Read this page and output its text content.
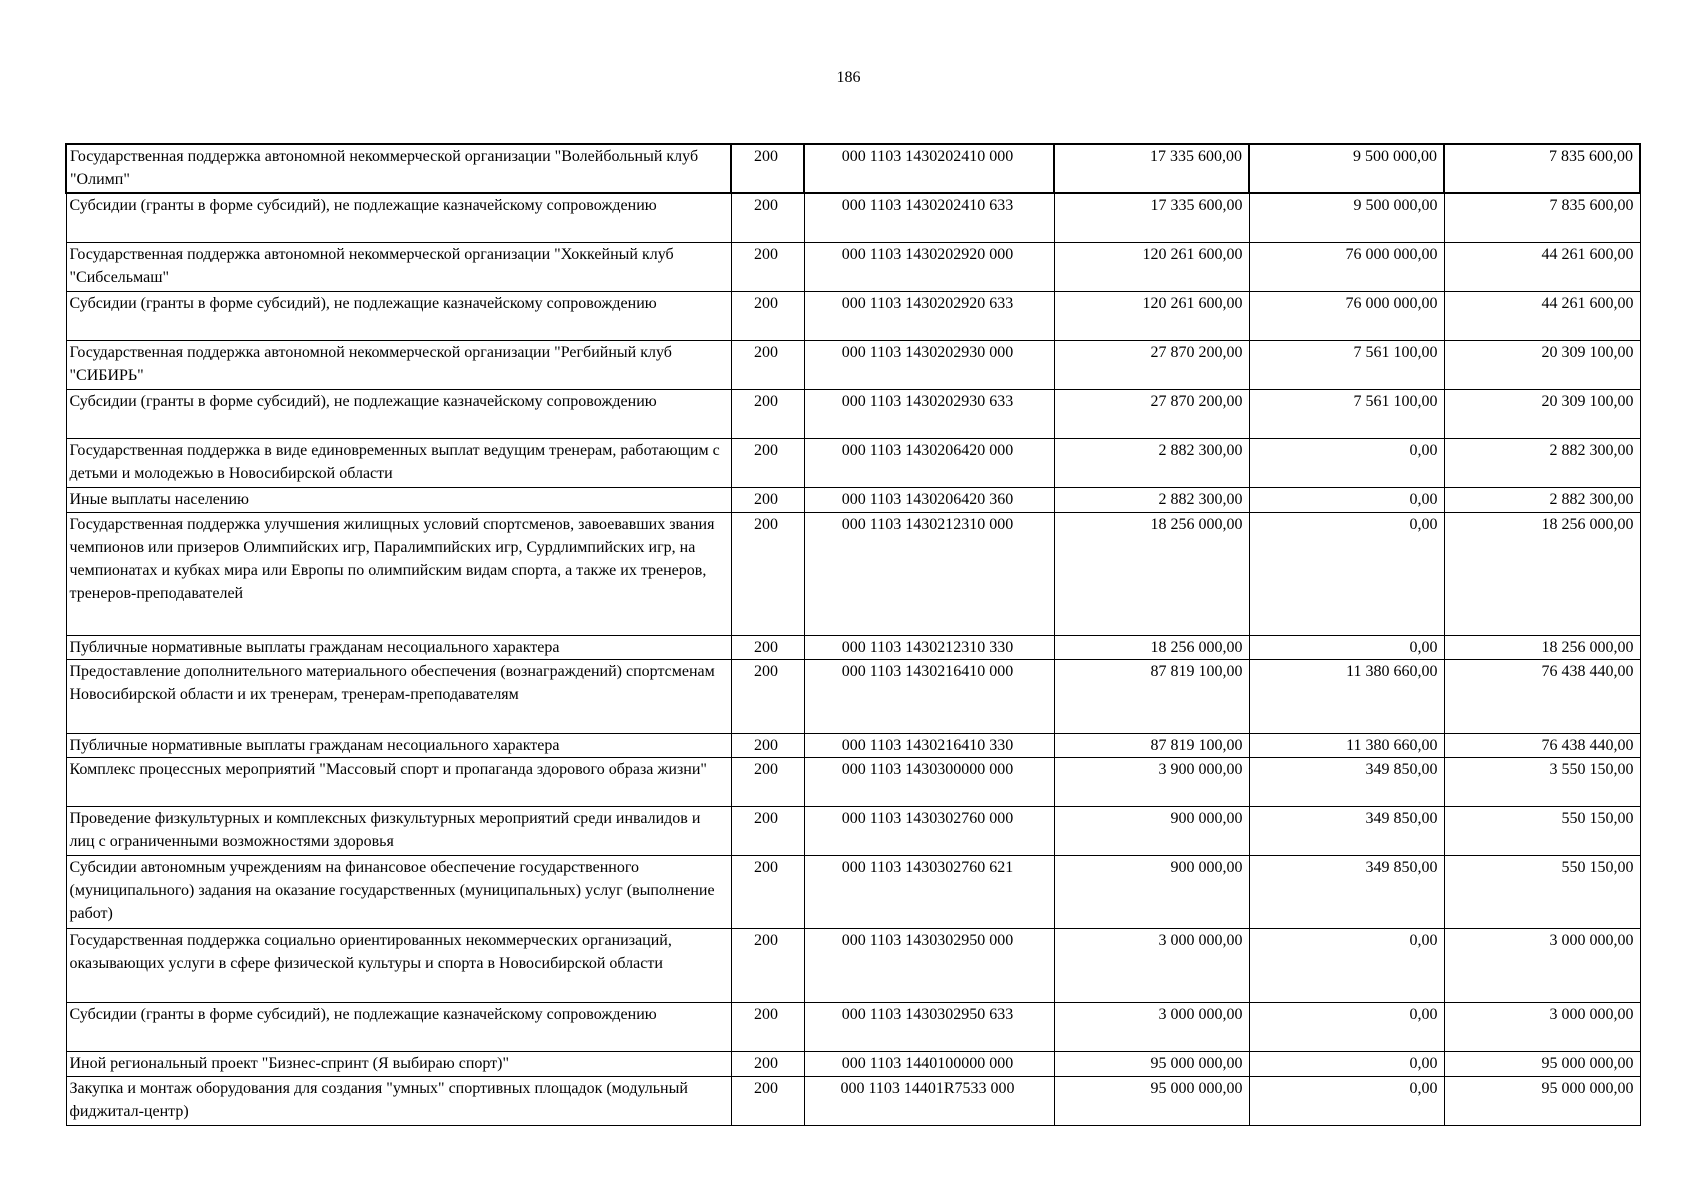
186
Государственная поддержка автономной некоммерческой организации "Волейбольный клуб "Олимп"	200	000 1103 1430202410 000	17 335 600,00	9 500 000,00	7 835 600,00
Субсидии (гранты в форме субсидий), не подлежащие казначейскому сопровождению	200	000 1103 1430202410 633	17 335 600,00	9 500 000,00	7 835 600,00
Государственная поддержка автономной некоммерческой организации "Хоккейный клуб "Сибсельмаш"	200	000 1103 1430202920 000	120 261 600,00	76 000 000,00	44 261 600,00
Субсидии (гранты в форме субсидий), не подлежащие казначейскому сопровождению	200	000 1103 1430202920 633	120 261 600,00	76 000 000,00	44 261 600,00
Государственная поддержка автономной некоммерческой организации "Регбийный клуб "СИБИРЬ"	200	000 1103 1430202930 000	27 870 200,00	7 561 100,00	20 309 100,00
Субсидии (гранты в форме субсидий), не подлежащие казначейскому сопровождению	200	000 1103 1430202930 633	27 870 200,00	7 561 100,00	20 309 100,00
Государственная поддержка в виде единовременных выплат ведущим тренерам, работающим с детьми и молодежью в Новосибирской области	200	000 1103 1430206420 000	2 882 300,00	0,00	2 882 300,00
Иные выплаты населению	200	000 1103 1430206420 360	2 882 300,00	0,00	2 882 300,00
Государственная поддержка улучшения жилищных условий спортсменов, завоевавших звания чемпионов или призеров Олимпийских игр, Паралимпийских игр, Сурдлимпийских игр, на чемпионатах и кубках мира или Европы по олимпийским видам спорта, а также их тренеров, тренеров-преподавателей	200	000 1103 1430212310 000	18 256 000,00	0,00	18 256 000,00
Публичные нормативные выплаты гражданам несоциального характера	200	000 1103 1430212310 330	18 256 000,00	0,00	18 256 000,00
Предоставление дополнительного материального обеспечения (вознаграждений) спортсменам Новосибирской области и их тренерам, тренерам-преподавателям	200	000 1103 1430216410 000	87 819 100,00	11 380 660,00	76 438 440,00
Публичные нормативные выплаты гражданам несоциального характера	200	000 1103 1430216410 330	87 819 100,00	11 380 660,00	76 438 440,00
Комплекс процессных мероприятий "Массовый спорт и пропаганда здорового образа жизни"	200	000 1103 1430300000 000	3 900 000,00	349 850,00	3 550 150,00
Проведение физкультурных и комплексных физкультурных мероприятий среди инвалидов и лиц с ограниченными возможностями здоровья	200	000 1103 1430302760 000	900 000,00	349 850,00	550 150,00
Субсидии автономным учреждениям на финансовое обеспечение государственного (муниципального) задания на оказание государственных (муниципальных) услуг (выполнение работ)	200	000 1103 1430302760 621	900 000,00	349 850,00	550 150,00
Государственная поддержка социально ориентированных некоммерческих организаций, оказывающих услуги в сфере физической культуры и спорта в Новосибирской области	200	000 1103 1430302950 000	3 000 000,00	0,00	3 000 000,00
Субсидии (гранты в форме субсидий), не подлежащие казначейскому сопровождению	200	000 1103 1430302950 633	3 000 000,00	0,00	3 000 000,00
Иной региональный проект "Бизнес-спринт (Я выбираю спорт)"	200	000 1103 1440100000 000	95 000 000,00	0,00	95 000 000,00
Закупка и монтаж оборудования для создания "умных" спортивных площадок (модульный фиджитал-центр)	200	000 1103 14401R7533 000	95 000 000,00	0,00	95 000 000,00
